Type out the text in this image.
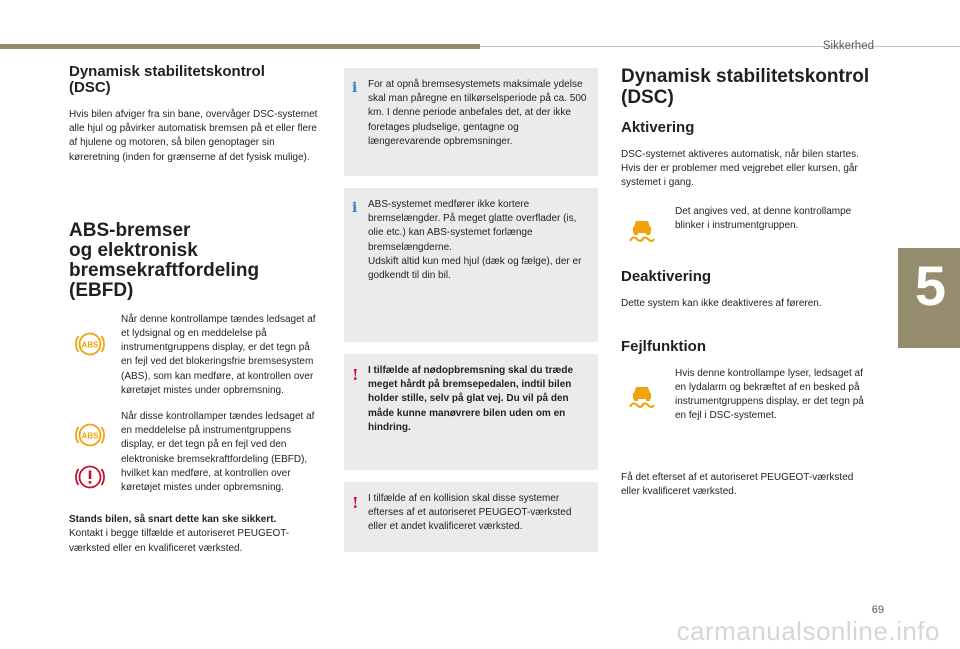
Sikkerhed
5
69
carmanualsonline.info
Dynamisk stabilitetskontrol (DSC)

Hvis bilen afviger fra sin bane, overvåger DSC-systemet alle hjul og påvirker automatisk bremsen på et eller flere af hjulene og motoren, så bilen genoptager sin køreretning (inden for grænserne af det fysisk mulige).

ABS-bremser
og elektronisk
bremsekraftfordeling
(EBFD)
ABS

Når denne kontrollampe tændes ledsaget af et lydsignal og en meddelelse på instrumentgruppens display, er det tegn på en fejl ved det blokeringsfrie bremsesystem (ABS), som kan medføre, at kontrollen over køretøjet mistes under opbremsning.

ABS

Når disse kontrollamper tændes ledsaget af en meddelelse på instrumentgruppens display, er det tegn på en fejl ved den elektroniske bremsekraftfordeling (EBFD), hvilket kan medføre, at kontrollen over køretøjet mistes under opbremsning.

Stands bilen, så snart dette kan ske sikkert.

Kontakt i begge tilfælde et autoriseret PEUGEOT-værksted eller en kvalificeret værksted.

i For at opnå bremsesystemets maksimale ydelse skal man påregne en tilkørselsperiode på ca. 500 km. I denne periode anbefales det, at der ikke foretages pludselige, gentagne og længerevarende opbremsninger.

i ABS-systemet medfører ikke kortere bremselængder. På meget glatte overflader (is, olie etc.) kan ABS-systemet forlænge bremselængderne.

Udskift altid kun med hjul (dæk og fælge), der er godkendt til din bil.

! I tilfælde af nødopbremsning skal du træde meget hårdt på bremsepedalen, indtil bilen holder stille, selv på glat vej. Du vil på den måde kunne manøvrere bilen uden om en hindring.

! I tilfælde af en kollision skal disse systemer efterses af et autoriseret PEUGEOT-værksted eller et andet kvalificeret værksted.

Dynamisk stabilitetskontrol
(DSC)
Aktivering

DSC-systemet aktiveres automatisk, når bilen startes.

Hvis der er problemer med vejgrebet eller kursen, går systemet i gang.

Det angives ved, at denne kontrollampe blinker i instrumentgruppen.

Deaktivering

Dette system kan ikke deaktiveres af føreren.

Fejlfunktion

Hvis denne kontrollampe lyser, ledsaget af en lydalarm og bekræftet af en besked på instrumentgruppens display, er det tegn på en fejl i DSC-systemet.

Få det efterset af et autoriseret PEUGEOT-værksted eller kvalificeret værksted.
